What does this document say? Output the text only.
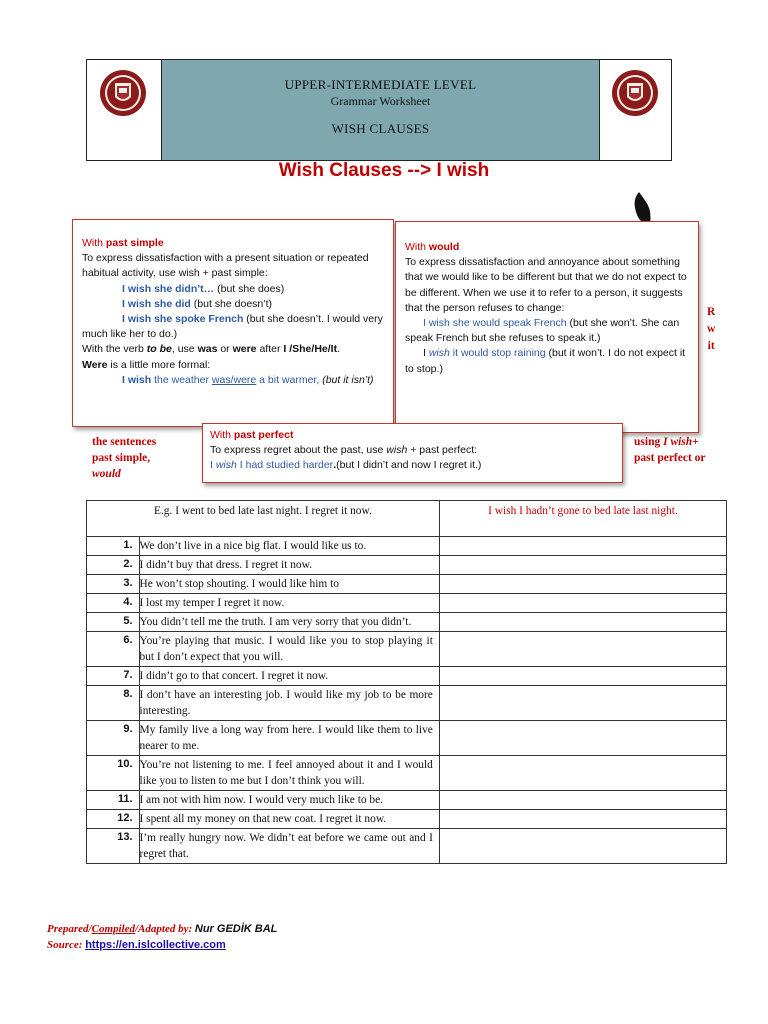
UPPER-INTERMEDIATE LEVEL
Grammar Worksheet
WISH CLAUSES
Wish Clauses --> I wish

With past simple

To express dissatisfaction with a present situation or repeated habitual activity, use wish + past simple:

I wish she didn’t… (but she does)

I wish she did (but she doesn’t)

I wish she spoke French (but she doesn’t. I would very much like her to do.)

With the verb to be, use was or were after I /She/He/It.

Were is a little more formal:

I wish the weather was/were a bit warmer, (but it isn’t)

With would

To express dissatisfaction and annoyance about something that we would like to be different but that we do not expect to be different. When we use it to refer to a person, it suggests that the person refuses to change:

I wish she would speak French (but she won’t. She can speak French but she refuses to speak it.)

I wish it would stop raining (but it won’t. I do not expect it to stop.)

R
w
it
the sentences
past simple,
would

With past perfect

To express regret about the past, use wish + past perfect:

I wish I had studied harder.(but I didn’t and now I regret it.)

using I wish+
past perfect or
E.g. I went to bed late last night. I regret it now.		I wish I hadn’t gone to bed late last night.
1.	We don’t live in a nice big flat. I would like us to.	
2.	I didn’t buy that dress. I regret it now.	
3.	He won’t stop shouting. I would like him to	
4.	I lost my temper I regret it now.	
5.	You didn’t tell me the truth. I am very sorry that you didn’t.	
6.	You’re playing that music. I would like you to stop playing it but I don’t expect that you will.	
7.	I didn’t go to that concert. I regret it now.	
8.	I don’t have an interesting job. I would like my job to be more interesting.	
9.	My family live a long way from here. I would like them to live nearer to me.	
10.	You’re not listening to me. I feel annoyed about it and I would like you to listen to me but I don’t think you will.	
11.	I am not with him now. I would very much like to be.	
12.	I spent all my money on that new coat. I regret it now.	
13.	I’m really hungry now. We didn’t eat before we came out and I regret that.	
Prepared/Compiled/Adapted by: Nur GEDİK BAL
Source: https://en.islcollective.com
